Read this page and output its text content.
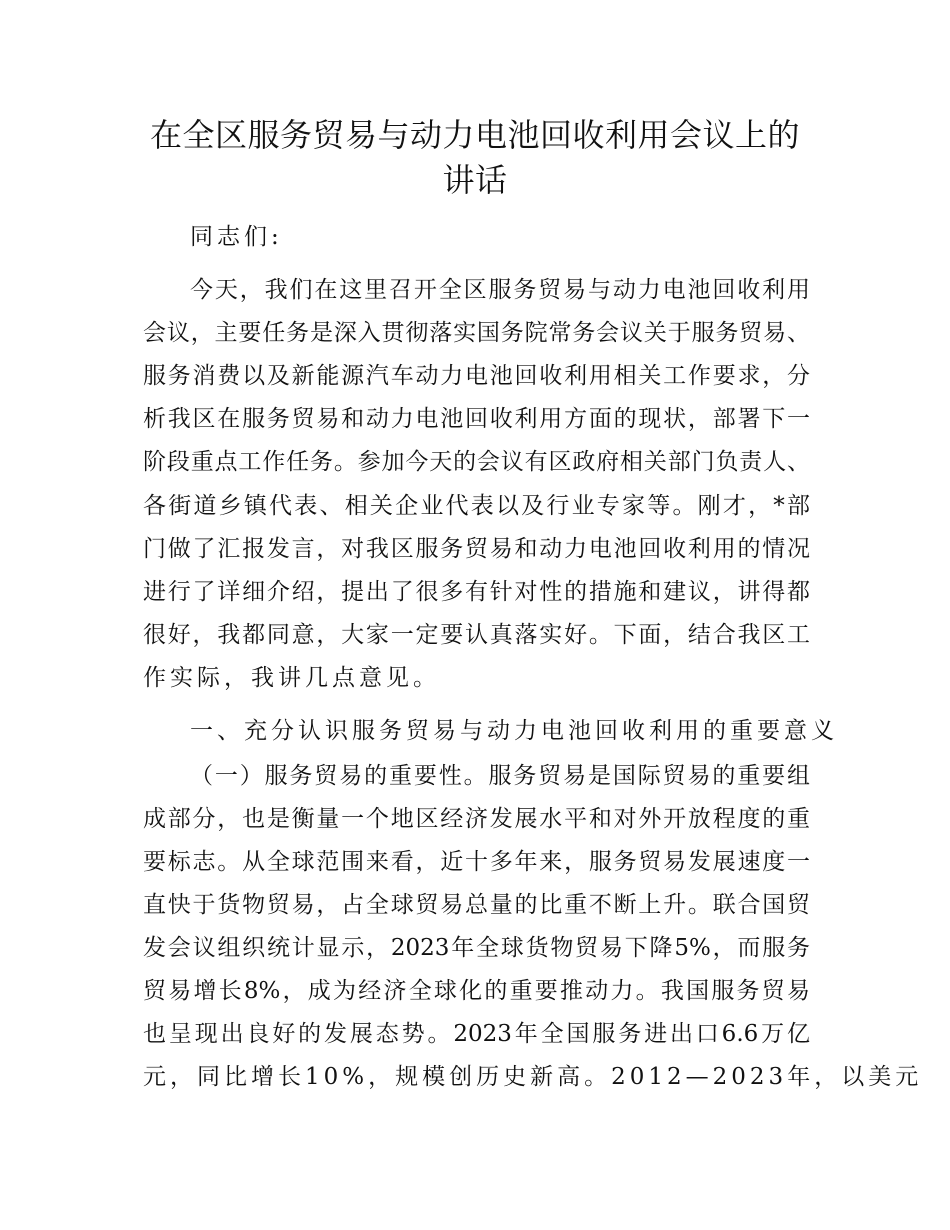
在全区服务贸易与动力电池回收利用会议上的
讲话
同志们:
今天，我们在这里召开全区服务贸易与动力电池回收利用
会议，主要任务是深入贯彻落实国务院常务会议关于服务贸易、
服务消费以及新能源汽车动力电池回收利用相关工作要求，分
析我区在服务贸易和动力电池回收利用方面的现状，部署下一
阶段重点工作任务。参加今天的会议有区政府相关部门负责人、
各街道乡镇代表、相关企业代表以及行业专家等。刚才，*部
门做了汇报发言，对我区服务贸易和动力电池回收利用的情况
进行了详细介绍，提出了很多有针对性的措施和建议，讲得都
很好，我都同意，大家一定要认真落实好。下面，结合我区工
作实际，我讲几点意见。
一、充分认识服务贸易与动力电池回收利用的重要意义
（一）服务贸易的重要性。服务贸易是国际贸易的重要组
成部分，也是衡量一个地区经济发展水平和对外开放程度的重
要标志。从全球范围来看，近十多年来，服务贸易发展速度一
直快于货物贸易，占全球贸易总量的比重不断上升。联合国贸
发会议组织统计显示，2023年全球货物贸易下降5%，而服务
贸易增长8%，成为经济全球化的重要推动力。我国服务贸易
也呈现出良好的发展态势。2023年全国服务进出口6.6万亿
元，同比增长10%，规模创历史新高。2012—2023年，以美元
